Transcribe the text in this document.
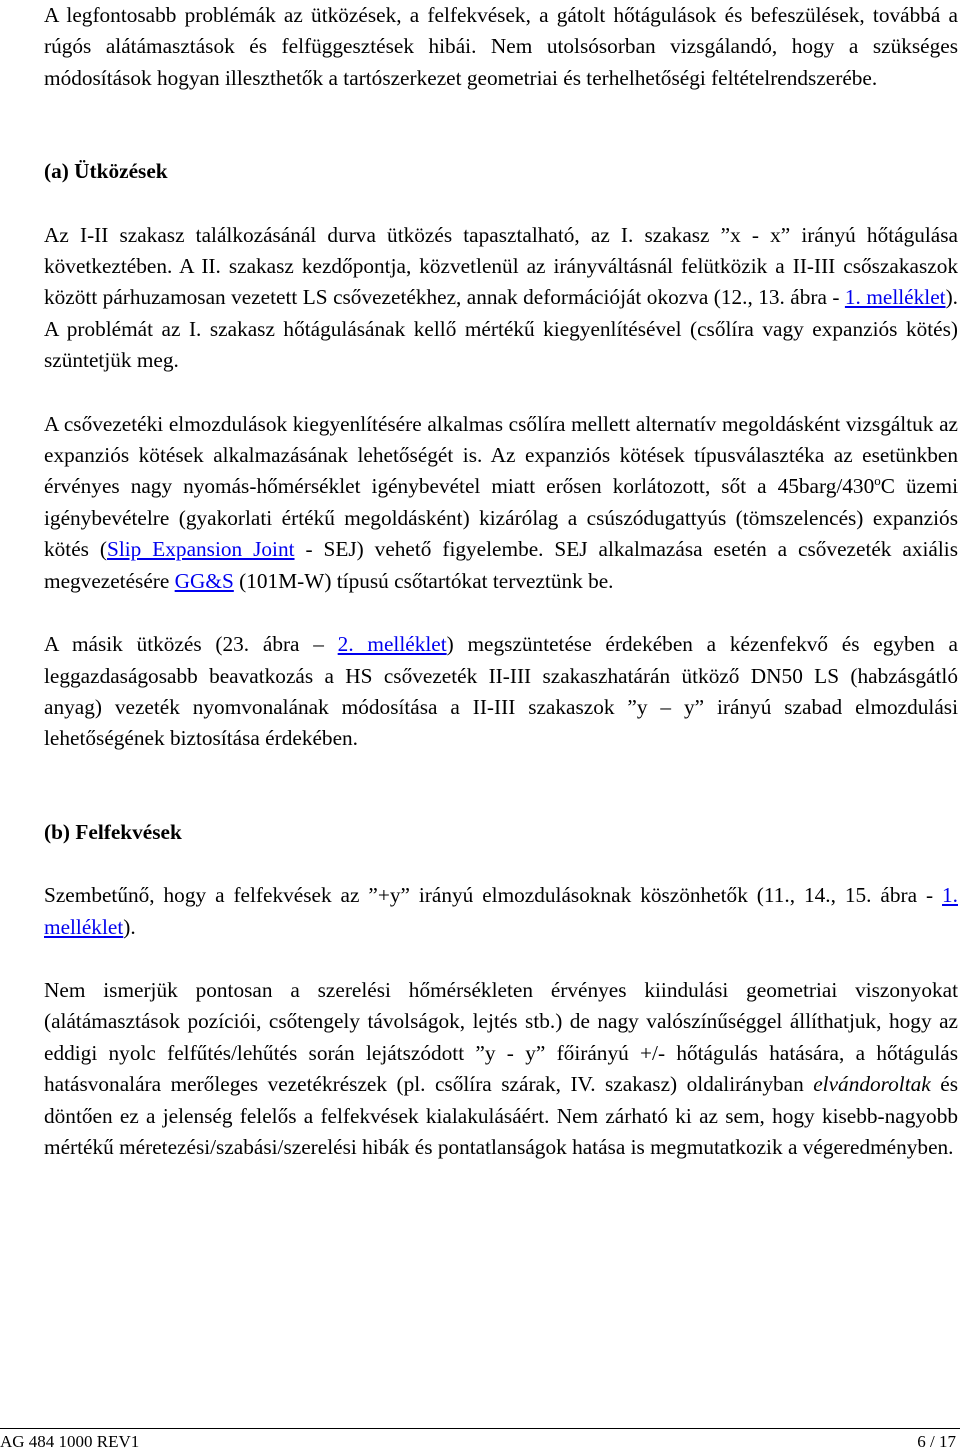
A legfontosabb problémák az ütközések, a felfekvések, a gátolt hőtágulások és befeszülések, továbbá a rúgós alátámasztások és felfüggesztések hibái. Nem utolsósorban vizsgálandó, hogy a szükséges módosítások hogyan illeszthetők a tartószerkezet geometriai és terhelhetőségi feltételrendszerébe.

(a) Ütközések

Az I-II szakasz találkozásánál durva ütközés tapasztalható, az I. szakasz ”x - x” irányú hőtágulása következtében. A II. szakasz kezdőpontja, közvetlenül az irányváltásnál felütközik a II-III csőszakaszok között párhuzamosan vezetett LS csővezetékhez, annak deformációját okozva (12., 13. ábra - 1. melléklet). A problémát az I. szakasz hőtágulásának kellő mértékű kiegyenlítésével (csőlíra vagy expanziós kötés) szüntetjük meg.

A csővezetéki elmozdulások kiegyenlítésére alkalmas csőlíra mellett alternatív megoldásként vizsgáltuk az expanziós kötések alkalmazásának lehetőségét is. Az expanziós kötések típusválasztéka az esetünkben érvényes nagy nyomás-hőmérséklet igénybevétel miatt erősen korlátozott, sőt a 45barg/430$^o$C üzemi igénybevételre (gyakorlati értékű megoldásként) kizárólag a csúszódugattyús (tömszelencés) expanziós kötés (Slip Expansion Joint - SEJ) vehető figyelembe. SEJ alkalmazása esetén a csővezeték axiális megvezetésére GG&S (101M-W) típusú csőtartókat terveztünk be.

A másik ütközés (23. ábra – 2. melléklet) megszüntetése érdekében a kézenfekvő és egyben a leggazdaságosabb beavatkozás a HS csővezeték II-III szakaszhatárán ütköző DN50 LS (habzásgátló anyag) vezeték nyomvonalának módosítása a II-III szakaszok ”y – y” irányú szabad elmozdulási lehetőségének biztosítása érdekében.

(b) Felfekvések

Szembetűnő, hogy a felfekvések az ”+y” irányú elmozdulásoknak köszönhetők (11., 14., 15. ábra - 1. melléklet).

Nem ismerjük pontosan a szerelési hőmérsékleten érvényes kiindulási geometriai viszonyokat (alátámasztások pozíciói, csőtengely távolságok, lejtés stb.) de nagy valószínűséggel állíthatjuk, hogy az eddigi nyolc felfűtés/lehűtés során lejátszódott ”y - y” főirányú +/- hőtágulás hatására, a hőtágulás hatásvonalára merőleges vezetékrészek (pl. csőlíra szárak, IV. szakasz) oldalirányban elvándoroltak és döntően ez a jelenség felelős a felfekvések kialakulásáért. Nem zárható ki az sem, hogy kisebb-nagyobb mértékű méretezési/szabási/szerelési hibák és pontatlanságok hatása is megmutatkozik a végeredményben.

AG 484 1000 REV1	6 / 17
